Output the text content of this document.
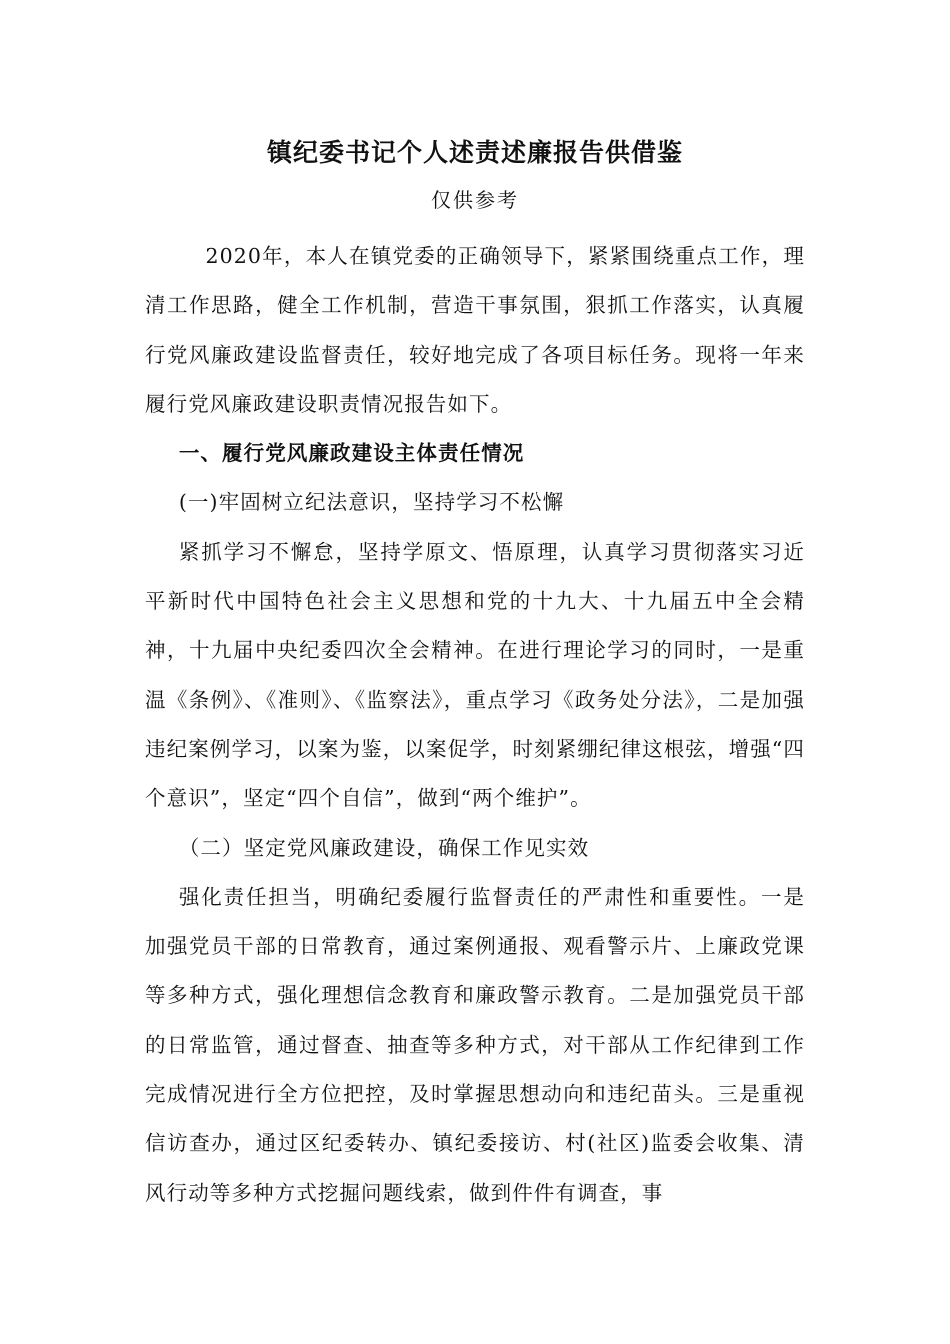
镇纪委书记个人述责述廉报告供借鉴
仅供参考

2020年，本人在镇党委的正确领导下，紧紧围绕重点工作，理清工作思路，健全工作机制，营造干事氛围，狠抓工作落实，认真履行党风廉政建设监督责任，较好地完成了各项目标任务。现将一年来履行党风廉政建设职责情况报告如下。

一、履行党风廉政建设主体责任情况

(一)牢固树立纪法意识，坚持学习不松懈

紧抓学习不懈怠，坚持学原文、悟原理，认真学习贯彻落实习近平新时代中国特色社会主义思想和党的十九大、十九届五中全会精神，十九届中央纪委四次全会精神。在进行理论学习的同时，一是重温《条例》、《准则》、《监察法》，重点学习《政务处分法》，二是加强违纪案例学习，以案为鉴，以案促学，时刻紧绷纪律这根弦，增强“四个意识”，坚定“四个自信”，做到“两个维护”。

（二）坚定党风廉政建设，确保工作见实效

强化责任担当，明确纪委履行监督责任的严肃性和重要性。一是加强党员干部的日常教育，通过案例通报、观看警示片、上廉政党课等多种方式，强化理想信念教育和廉政警示教育。二是加强党员干部的日常监管，通过督查、抽查等多种方式，对干部从工作纪律到工作完成情况进行全方位把控，及时掌握思想动向和违纪苗头。三是重视信访查办，通过区纪委转办、镇纪委接访、村(社区)监委会收集、清风行动等多种方式挖掘问题线索，做到件件有调查，事
